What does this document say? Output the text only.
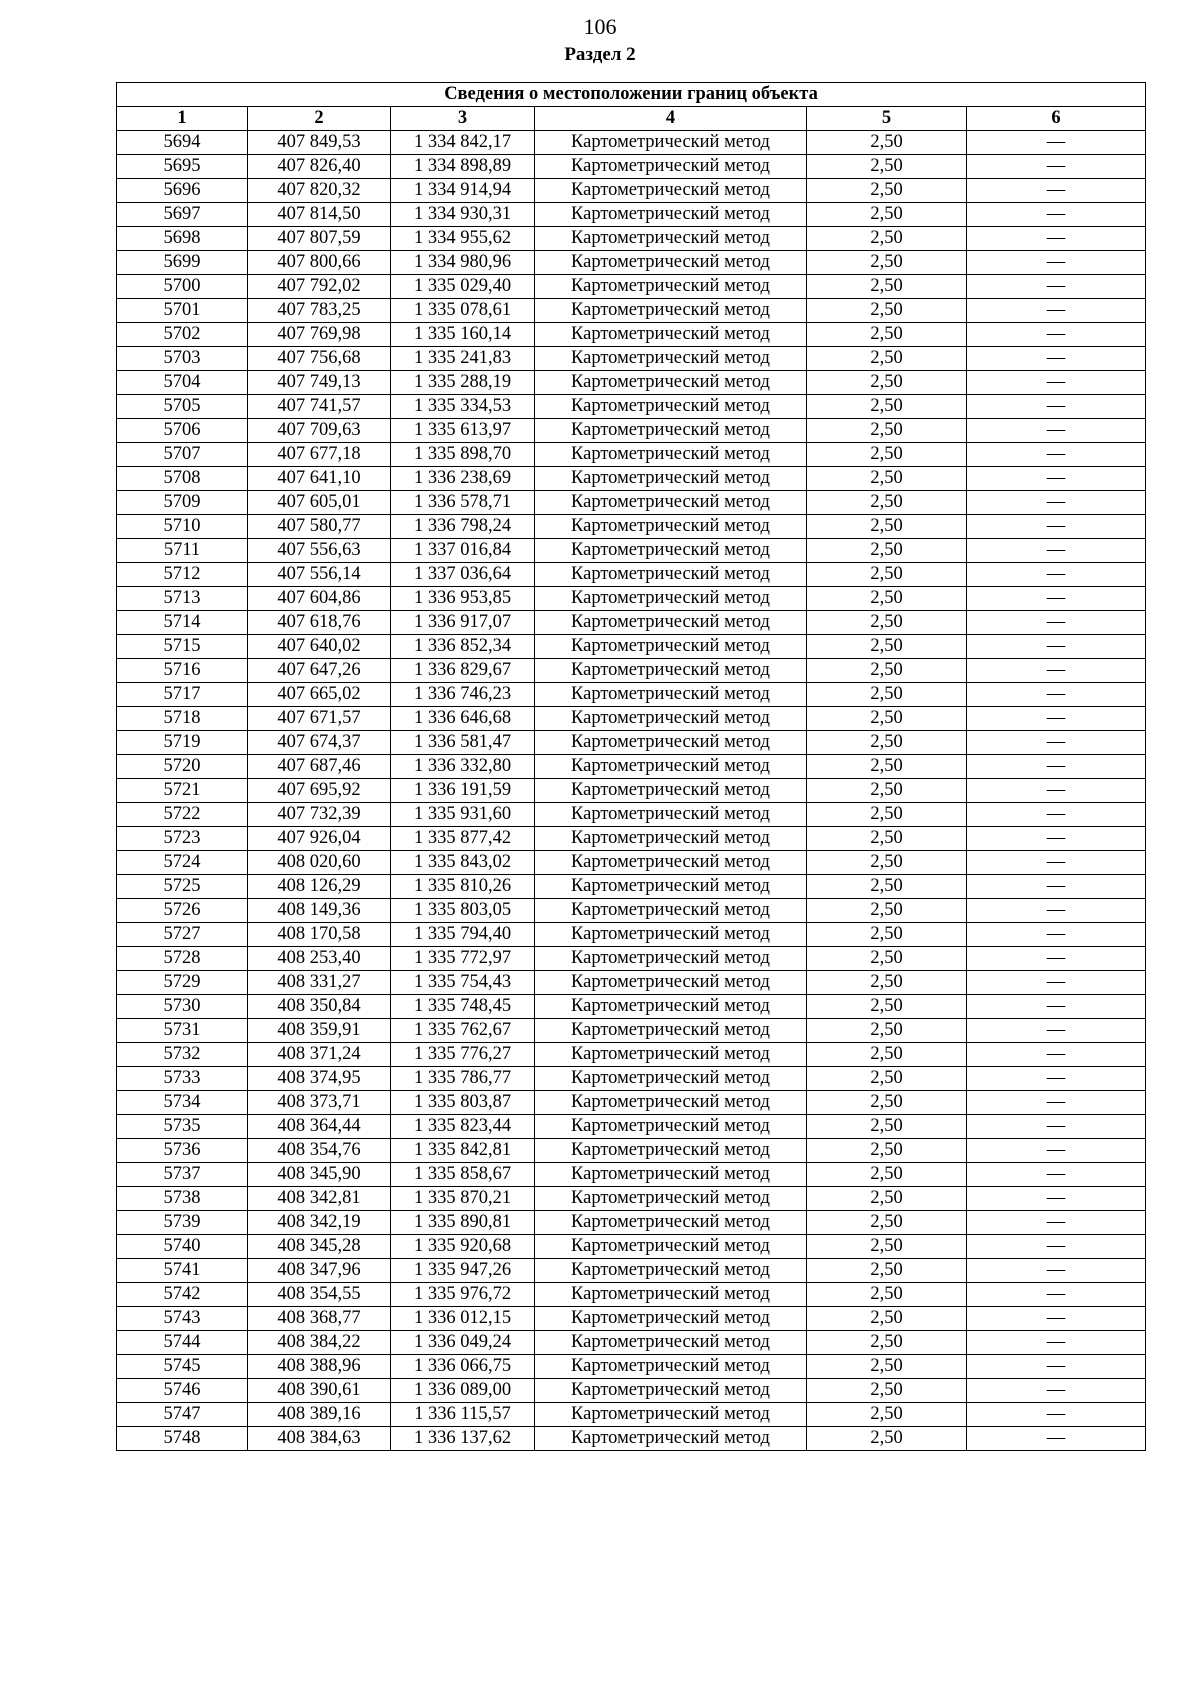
106
Раздел 2
Сведения о местоположении границ объекта					
1	2	3	4	5	6
5694	407 849,53	1 334 842,17	Картометрический метод	2,50	—
5695	407 826,40	1 334 898,89	Картометрический метод	2,50	—
5696	407 820,32	1 334 914,94	Картометрический метод	2,50	—
5697	407 814,50	1 334 930,31	Картометрический метод	2,50	—
5698	407 807,59	1 334 955,62	Картометрический метод	2,50	—
5699	407 800,66	1 334 980,96	Картометрический метод	2,50	—
5700	407 792,02	1 335 029,40	Картометрический метод	2,50	—
5701	407 783,25	1 335 078,61	Картометрический метод	2,50	—
5702	407 769,98	1 335 160,14	Картометрический метод	2,50	—
5703	407 756,68	1 335 241,83	Картометрический метод	2,50	—
5704	407 749,13	1 335 288,19	Картометрический метод	2,50	—
5705	407 741,57	1 335 334,53	Картометрический метод	2,50	—
5706	407 709,63	1 335 613,97	Картометрический метод	2,50	—
5707	407 677,18	1 335 898,70	Картометрический метод	2,50	—
5708	407 641,10	1 336 238,69	Картометрический метод	2,50	—
5709	407 605,01	1 336 578,71	Картометрический метод	2,50	—
5710	407 580,77	1 336 798,24	Картометрический метод	2,50	—
5711	407 556,63	1 337 016,84	Картометрический метод	2,50	—
5712	407 556,14	1 337 036,64	Картометрический метод	2,50	—
5713	407 604,86	1 336 953,85	Картометрический метод	2,50	—
5714	407 618,76	1 336 917,07	Картометрический метод	2,50	—
5715	407 640,02	1 336 852,34	Картометрический метод	2,50	—
5716	407 647,26	1 336 829,67	Картометрический метод	2,50	—
5717	407 665,02	1 336 746,23	Картометрический метод	2,50	—
5718	407 671,57	1 336 646,68	Картометрический метод	2,50	—
5719	407 674,37	1 336 581,47	Картометрический метод	2,50	—
5720	407 687,46	1 336 332,80	Картометрический метод	2,50	—
5721	407 695,92	1 336 191,59	Картометрический метод	2,50	—
5722	407 732,39	1 335 931,60	Картометрический метод	2,50	—
5723	407 926,04	1 335 877,42	Картометрический метод	2,50	—
5724	408 020,60	1 335 843,02	Картометрический метод	2,50	—
5725	408 126,29	1 335 810,26	Картометрический метод	2,50	—
5726	408 149,36	1 335 803,05	Картометрический метод	2,50	—
5727	408 170,58	1 335 794,40	Картометрический метод	2,50	—
5728	408 253,40	1 335 772,97	Картометрический метод	2,50	—
5729	408 331,27	1 335 754,43	Картометрический метод	2,50	—
5730	408 350,84	1 335 748,45	Картометрический метод	2,50	—
5731	408 359,91	1 335 762,67	Картометрический метод	2,50	—
5732	408 371,24	1 335 776,27	Картометрический метод	2,50	—
5733	408 374,95	1 335 786,77	Картометрический метод	2,50	—
5734	408 373,71	1 335 803,87	Картометрический метод	2,50	—
5735	408 364,44	1 335 823,44	Картометрический метод	2,50	—
5736	408 354,76	1 335 842,81	Картометрический метод	2,50	—
5737	408 345,90	1 335 858,67	Картометрический метод	2,50	—
5738	408 342,81	1 335 870,21	Картометрический метод	2,50	—
5739	408 342,19	1 335 890,81	Картометрический метод	2,50	—
5740	408 345,28	1 335 920,68	Картометрический метод	2,50	—
5741	408 347,96	1 335 947,26	Картометрический метод	2,50	—
5742	408 354,55	1 335 976,72	Картометрический метод	2,50	—
5743	408 368,77	1 336 012,15	Картометрический метод	2,50	—
5744	408 384,22	1 336 049,24	Картометрический метод	2,50	—
5745	408 388,96	1 336 066,75	Картометрический метод	2,50	—
5746	408 390,61	1 336 089,00	Картометрический метод	2,50	—
5747	408 389,16	1 336 115,57	Картометрический метод	2,50	—
5748	408 384,63	1 336 137,62	Картометрический метод	2,50	—
